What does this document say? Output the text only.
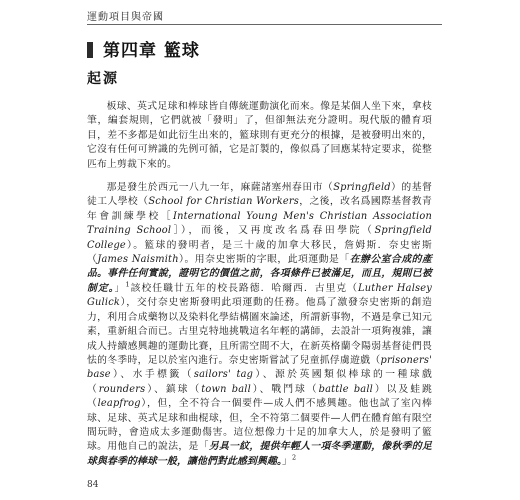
運動項目與帝國
第四章 籃球
起源

板球、英式足球和棒球皆自傳統運動演化而來。像是某個人坐下來，拿枝筆，編套規則，它們就被「發明」了，但卻無法充分證明。現代版的體育項目，差不多都是如此衍生出來的，籃球則有更充分的根據，是被發明出來的，它沒有任何可辨識的先例可循，它是訂製的，像似爲了回應某特定要求，從整匹布上剪裁下來的。

那是發生於西元一八九一年，麻薩諸塞州春田市（Springfield）的基督徒工人學校（School for Christian Workers，之後，改名爲國際基督教青年會訓練學校［International Young Men's Christian Association Training School］），而後，又再度改名爲春田學院（Springfield College）。籃球的發明者，是三十歲的加拿大移民，詹姆斯．奈史密斯（James Naismith）。用奈史密斯的字眼，此項運動是「在辦公室合成的產品。事件任何實說，證明它的價值之前，各項條件已被滿足，而且，規則已被制定。」$^1$該校任職廿五年的校長路德．哈爾西．古里克（Luther Halsey Gulick），交付奈史密斯發明此項運動的任務。他爲了激發奈史密斯的創造力，利用合成藥物以及染料化學結構圖來論述，所謂新事物，不過是拿已知元素，重新組合而已。古里克特地挑戰這名年輕的講師，去設計一項夠複雜，讓成人持續感興趣的運動比賽，且所需空間不大，在新英格蘭令陽弱基督徒們畏怯的冬季時，足以於室內進行。奈史密斯嘗試了兒童抓俘虜遊戲（prisoners' base）、水手標籤（sailors' tag）、源於英國類似棒球的一種球戲（rounders）、鎮球（town ball）、戰鬥球（battle ball）以及蛙跳（leapfrog），但，全不符合一個要件—成人們不感興趣。他也試了室內棒球、足球、英式足球和曲棍球，但，全不符第二個要件—人們在體育館有限空間玩時，會造成太多運動傷害。這位想像力十足的加拿大人，於是發明了籃球。用他自己的說法，是「另具一紋，提供年輕人一項冬季運動，像秋季的足球與春季的棒球一般，讓他們對此感到興趣。」$^2$

84
